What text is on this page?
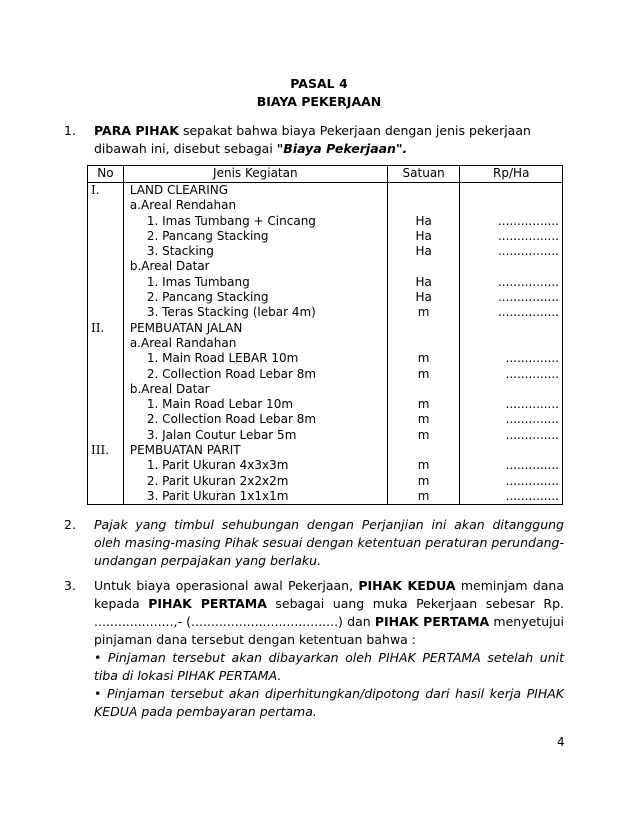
PASAL 4
BIAYA PEKERJAAN
1. PARA PIHAK sepakat bahwa biaya Pekerjaan dengan jenis pekerjaan dibawah ini, disebut sebagai "Biaya Pekerjaan".
No	Jenis Kegiatan	Satuan	Rp/Ha
I.	LAND CLEARING		
	a.Areal Rendahan		
	1. Imas Tumbang + Cincang	Ha	................
	2. Pancang Stacking	Ha	................
	3. Stacking	Ha	................
	b.Areal Datar		
	1. Imas Tumbang	Ha	................
	2. Pancang Stacking	Ha	................
	3. Teras Stacking (lebar 4m)	m	................
II.	PEMBUATAN JALAN		
	a.Areal Randahan		
	1. Main Road LEBAR 10m	m	..............
	2. Collection Road Lebar 8m	m	..............
	b.Areal Datar		
	1. Main Road Lebar 10m	m	..............
	2. Collection Road Lebar 8m	m	..............
	3. Jalan Coutur Lebar 5m	m	..............
III.	PEMBUATAN PARIT		
	1. Parit Ukuran 4x3x3m	m	..............
	2. Parit Ukuran 2x2x2m	m	..............
	3. Parit Ukuran 1x1x1m	m	..............
2. Pajak yang timbul sehubungan dengan Perjanjian ini akan ditanggung oleh masing-masing Pihak sesuai dengan ketentuan peraturan perundang-undangan perpajakan yang berlaku.
3. Untuk biaya operasional awal Pekerjaan, PIHAK KEDUA meminjam dana kepada PIHAK PERTAMA sebagai uang muka Pekerjaan sebesar Rp. ....................,- (.....................................) dan PIHAK PERTAMA menyetujui pinjaman dana tersebut dengan ketentuan bahwa :
• Pinjaman tersebut akan dibayarkan oleh PIHAK PERTAMA setelah unit tiba di lokasi PIHAK PERTAMA.
• Pinjaman tersebut akan diperhitungkan/dipotong dari hasil kerja PIHAK KEDUA pada pembayaran pertama.
4
